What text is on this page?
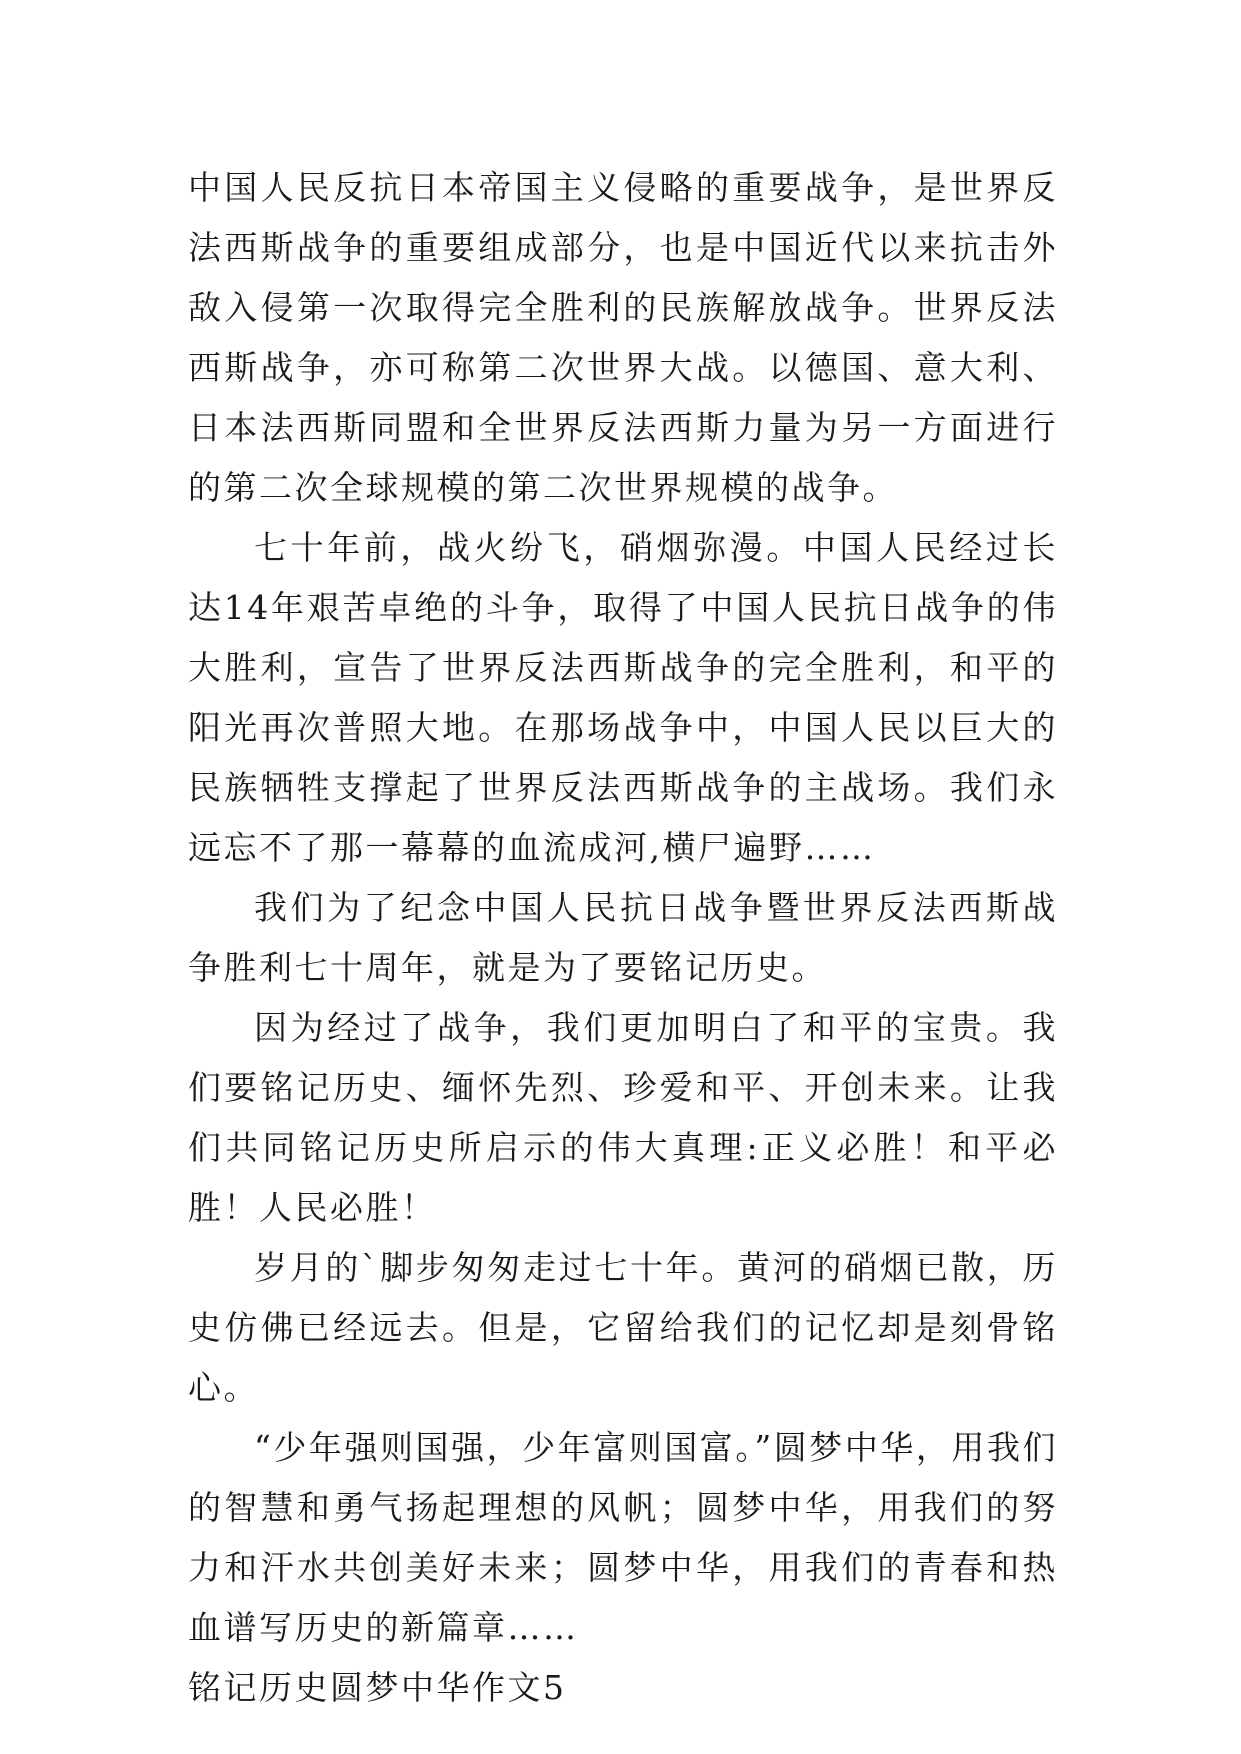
中国人民反抗日本帝国主义侵略的重要战争，是世界反法西斯战争的重要组成部分，也是中国近代以来抗击外敌入侵第一次取得完全胜利的民族解放战争。世界反法西斯战争，亦可称第二次世界大战。以德国、意大利、日本法西斯同盟和全世界反法西斯力量为另一方面进行的第二次全球规模的第二次世界规模的战争。

七十年前，战火纷飞，硝烟弥漫。中国人民经过长达14年艰苦卓绝的斗争，取得了中国人民抗日战争的伟大胜利，宣告了世界反法西斯战争的完全胜利，和平的阳光再次普照大地。在那场战争中，中国人民以巨大的民族牺牲支撑起了世界反法西斯战争的主战场。我们永远忘不了那一幕幕的血流成河,横尸遍野……

我们为了纪念中国人民抗日战争暨世界反法西斯战争胜利七十周年，就是为了要铭记历史。

因为经过了战争，我们更加明白了和平的宝贵。我们要铭记历史、缅怀先烈、珍爱和平、开创未来。让我们共同铭记历史所启示的伟大真理:正义必胜！和平必胜！人民必胜！

岁月的`脚步匆匆走过七十年。黄河的硝烟已散，历史仿佛已经远去。但是，它留给我们的记忆却是刻骨铭心。

“少年强则国强，少年富则国富。”圆梦中华，用我们的智慧和勇气扬起理想的风帆；圆梦中华，用我们的努力和汗水共创美好未来；圆梦中华，用我们的青春和热血谱写历史的新篇章……

铭记历史圆梦中华作文5
